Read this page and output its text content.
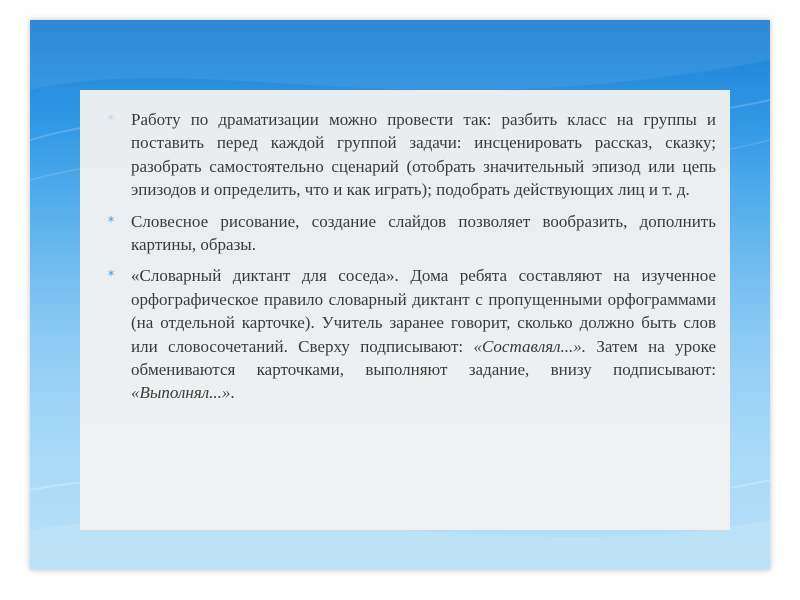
* Работу по драматизации можно провести так: разбить класс на группы и поставить перед каждой группой задачи: инсценировать рассказ, сказку; разобрать самостоятельно сценарий (отобрать значительный эпизод или цепь эпизодов и определить, что и как играть); подобрать действующих лиц и т. д.

* Словесное рисование, создание слайдов позволяет вообразить, дополнить картины, образы.

* «Словарный диктант для соседа». Дома ребята составляют на изученное орфографическое правило словарный диктант с пропущенными орфограммами (на отдельной карточке). Учитель заранее говорит, сколько должно быть слов или словосочетаний. Сверху подписывают: «Составлял...». Затем на уроке обмениваются карточками, выполняют задание, внизу подписывают: «Выполнял...».
